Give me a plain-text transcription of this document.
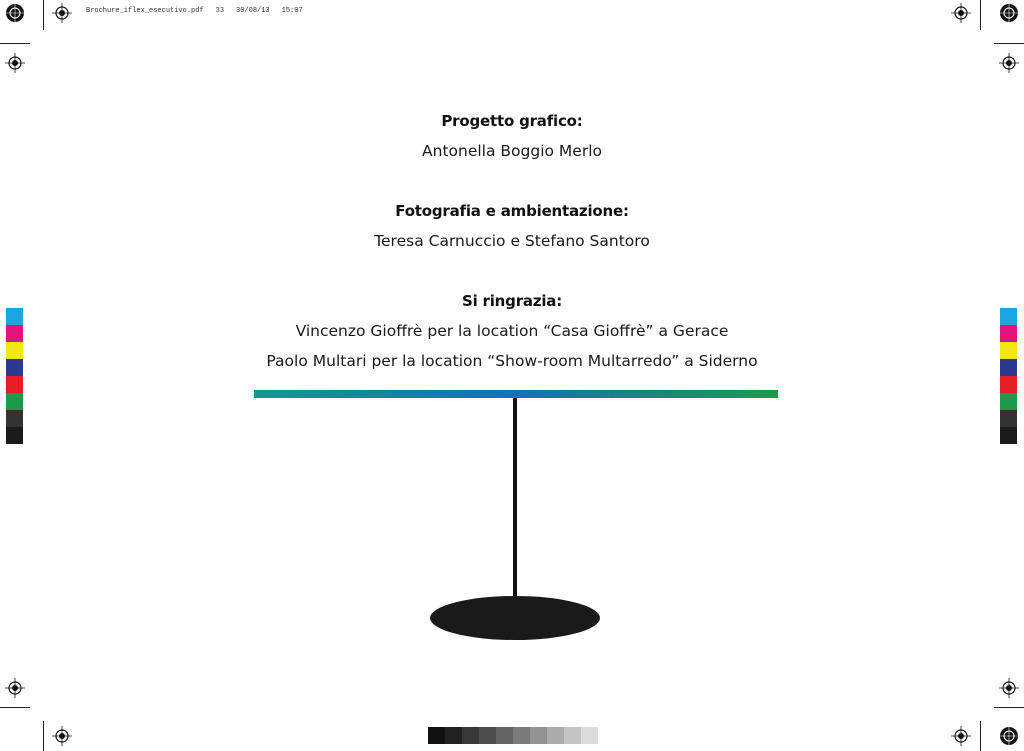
Brochure_iflex_esecutivo.pdf 33 30/08/13 15:07
Progetto grafico:
Antonella Boggio Merlo
Fotografia e ambientazione:
Teresa Carnuccio e Stefano Santoro
Si ringrazia:
Vincenzo Gioffrè per la location “Casa Gioffrè” a Gerace
Paolo Multari per la location “Show-room Multarredo” a Siderno
